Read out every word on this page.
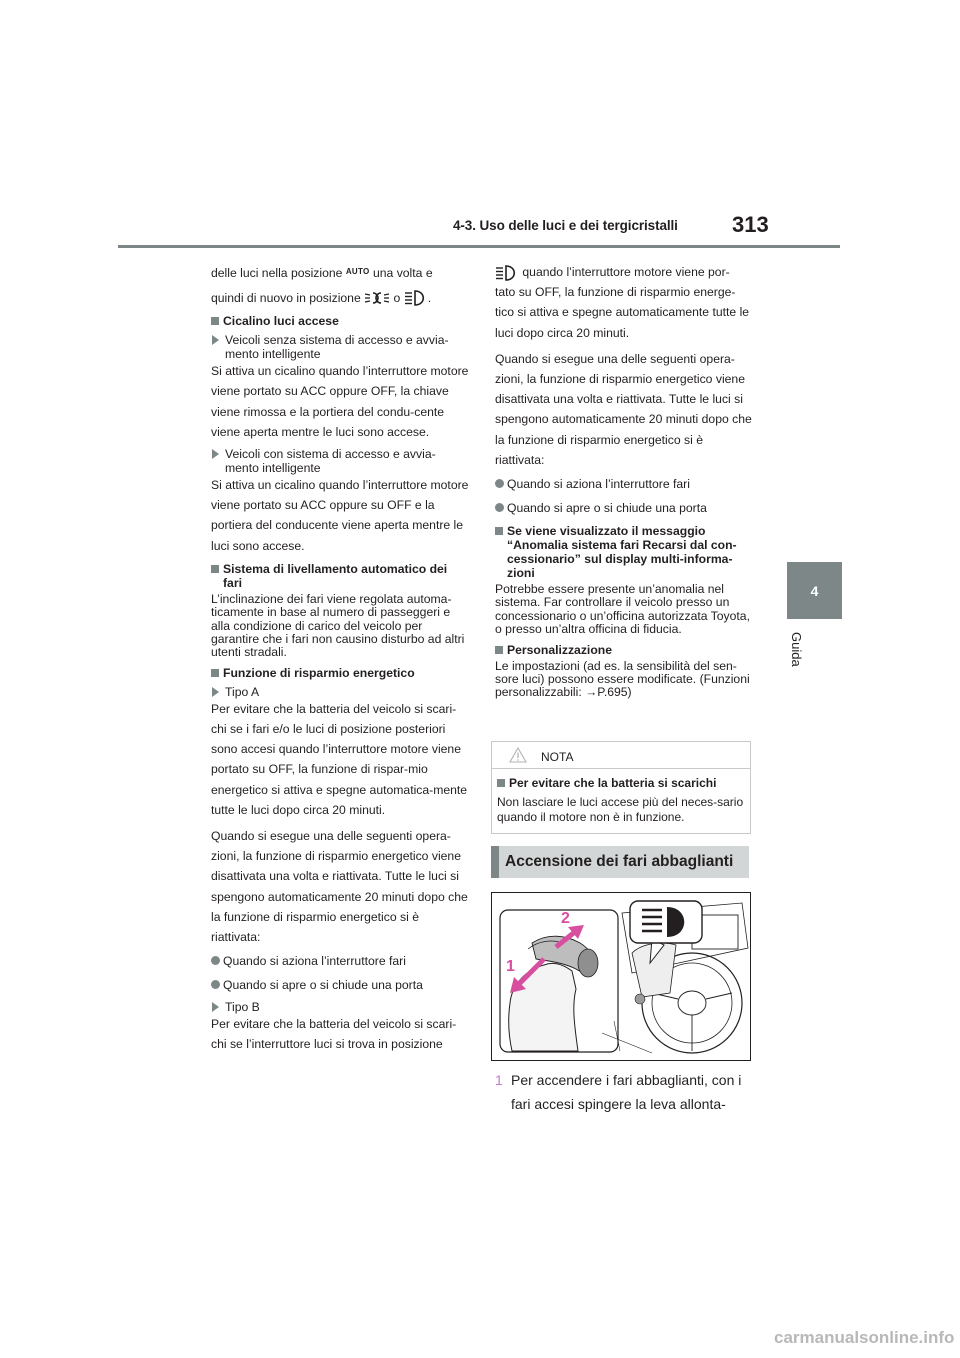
4-3. Uso delle luci e dei tergicristalli 313
4
Guida

delle luci nella posizione $^{AUTO}$ una volta e

quindi di nuovo in posizione	o .

Cicalino luci accese

Veicoli senza sistema di accesso e avvia-mento intelligente

Si attiva un cicalino quando l’interruttore motore viene portato su ACC oppure OFF, la chiave viene rimossa e la portiera del condu-cente viene aperta mentre le luci sono accese.

Veicoli con sistema di accesso e avvia-mento intelligente

Si attiva un cicalino quando l’interruttore motore viene portato su ACC oppure su OFF e la portiera del conducente viene aperta mentre le luci sono accese.

Sistema di livellamento automatico dei fari

L’inclinazione dei fari viene regolata automa-ticamente in base al numero di passeggeri e alla condizione di carico del veicolo per garantire che i fari non causino disturbo ad altri utenti stradali.

Funzione di risparmio energetico

Tipo A

Per evitare che la batteria del veicolo si scari-chi se i fari e/o le luci di posizione posteriori sono accesi quando l’interruttore motore viene portato su OFF, la funzione di rispar-mio energetico si attiva e spegne automatica-mente tutte le luci dopo circa 20 minuti.

Quando si esegue una delle seguenti opera-zioni, la funzione di risparmio energetico viene disattivata una volta e riattivata. Tutte le luci si spengono automaticamente 20 minuti dopo che la funzione di risparmio energetico si è riattivata:

Quando si aziona l’interruttore fari

Quando si apre o si chiude una porta

Tipo B

Per evitare che la batteria del veicolo si scari-chi se l’interruttore luci si trova in posizione

quando l’interruttore motore viene por-

tato su OFF, la funzione di risparmio energe-tico si attiva e spegne automaticamente tutte le luci dopo circa 20 minuti.

Quando si esegue una delle seguenti opera-zioni, la funzione di risparmio energetico viene disattivata una volta e riattivata. Tutte le luci si spengono automaticamente 20 minuti dopo che la funzione di risparmio energetico si è riattivata:

Quando si aziona l’interruttore fari

Quando si apre o si chiude una porta

Se viene visualizzato il messaggio “Anomalia sistema fari Recarsi dal con-cessionario” sul display multi-informa-zioni

Potrebbe essere presente un’anomalia nel sistema. Far controllare il veicolo presso un concessionario o un’officina autorizzata Toyota, o presso un’altra officina di fiducia.

Personalizzazione

Le impostazioni (ad es. la sensibilità del sen-sore luci) possono essere modificate. (Funzioni personalizzabili: →P.695)

NOTA
Per evitare che la batteria si scarichi
Non lasciare le luci accese più del neces-sario quando il motore non è in funzione.
Accensione dei fari abbaglianti
2
1
1 Per accendere i fari abbaglianti, con i fari accesi spingere la leva allonta-
carmanualsonline.info
